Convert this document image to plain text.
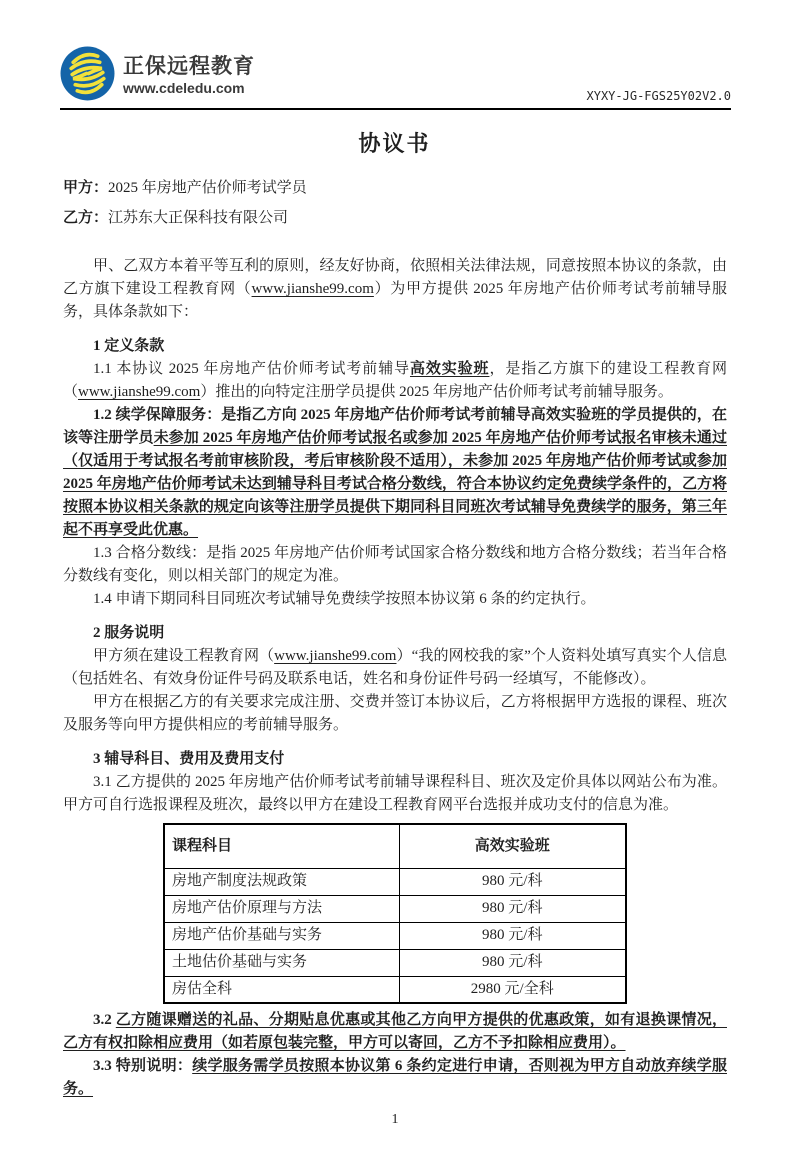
正保远程教育
www.cdeledu.com	XYXY-JG-FGS25Y02V2.0
协议书
甲方：2025 年房地产估价师考试学员
乙方：江苏东大正保科技有限公司

甲、乙双方本着平等互利的原则，经友好协商，依照相关法律法规，同意按照本协议的条款，由乙方旗下建设工程教育网（www.jianshe99.com）为甲方提供 2025 年房地产估价师考试考前辅导服务，具体条款如下：

1 定义条款

1.1 本协议 2025 年房地产估价师考试考前辅导高效实验班，是指乙方旗下的建设工程教育网（www.jianshe99.com）推出的向特定注册学员提供 2025 年房地产估价师考试考前辅导服务。

1.2 续学保障服务：是指乙方向 2025 年房地产估价师考试考前辅导高效实验班的学员提供的，在该等注册学员未参加 2025 年房地产估价师考试报名或参加 2025 年房地产估价师考试报名审核未通过（仅适用于考试报名考前审核阶段，考后审核阶段不适用），未参加 2025 年房地产估价师考试或参加 2025 年房地产估价师考试未达到辅导科目考试合格分数线，符合本协议约定免费续学条件的，乙方将按照本协议相关条款的规定向该等注册学员提供下期同科目同班次考试辅导免费续学的服务，第三年起不再享受此优惠。

1.3 合格分数线：是指 2025 年房地产估价师考试国家合格分数线和地方合格分数线；若当年合格分数线有变化，则以相关部门的规定为准。

1.4 申请下期同科目同班次考试辅导免费续学按照本协议第 6 条的约定执行。

2 服务说明

甲方须在建设工程教育网（www.jianshe99.com）“我的网校我的家”个人资料处填写真实个人信息（包括姓名、有效身份证件号码及联系电话，姓名和身份证件号码一经填写，不能修改）。

甲方在根据乙方的有关要求完成注册、交费并签订本协议后，乙方将根据甲方选报的课程、班次及服务等向甲方提供相应的考前辅导服务。

3 辅导科目、费用及费用支付

3.1 乙方提供的 2025 年房地产估价师考试考前辅导课程科目、班次及定价具体以网站公布为准。甲方可自行选报课程及班次，最终以甲方在建设工程教育网平台选报并成功支付的信息为准。

课程科目	高效实验班
房地产制度法规政策	980 元/科
房地产估价原理与方法	980 元/科
房地产估价基础与实务	980 元/科
土地估价基础与实务	980 元/科
房估全科	2980 元/全科

3.2 乙方随课赠送的礼品、分期贴息优惠或其他乙方向甲方提供的优惠政策，如有退换课情况，乙方有权扣除相应费用（如若原包装完整，甲方可以寄回，乙方不予扣除相应费用）。

3.3 特别说明：续学服务需学员按照本协议第 6 条约定进行申请，否则视为甲方自动放弃续学服务。

1
